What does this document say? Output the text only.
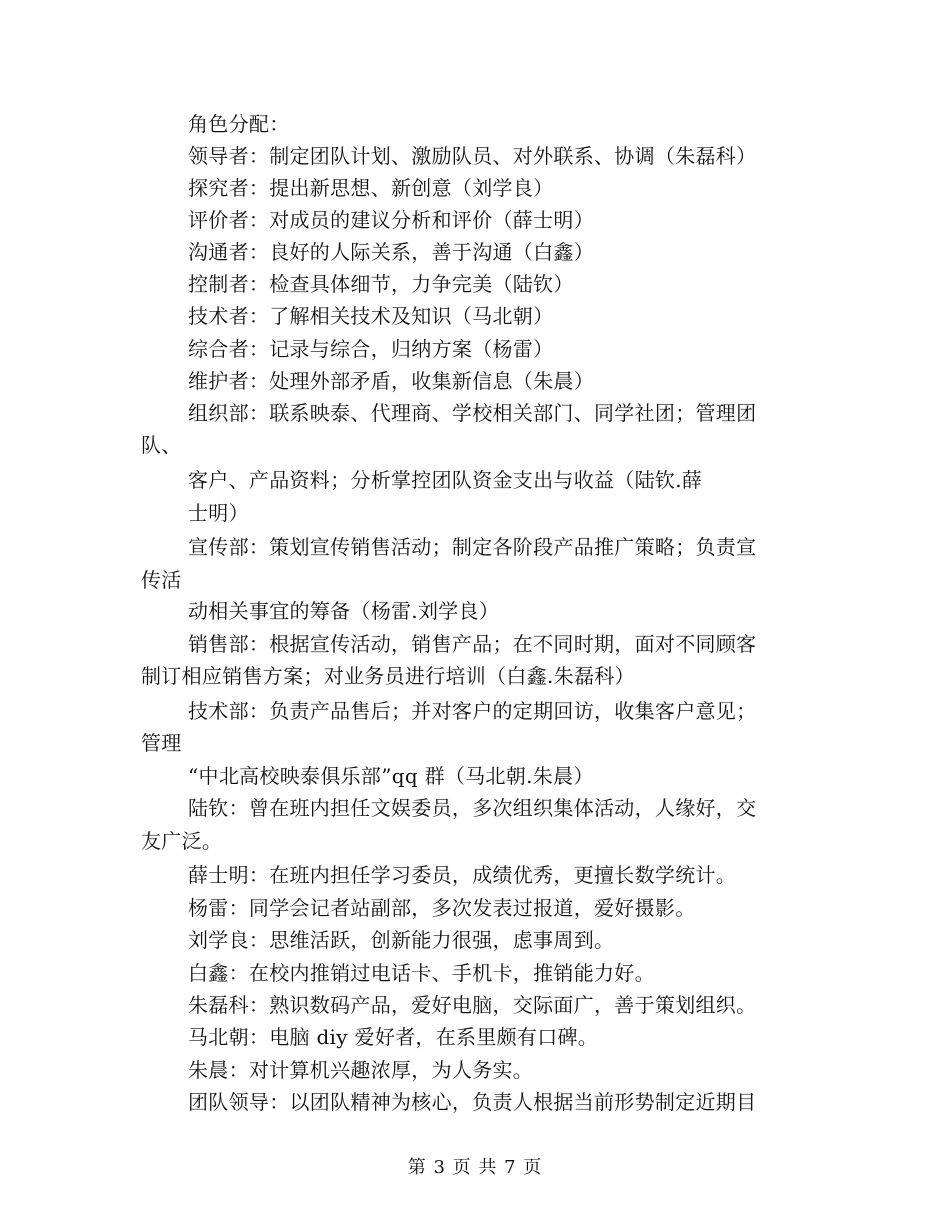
角色分配：
领导者：制定团队计划、激励队员、对外联系、协调（朱磊科）
探究者：提出新思想、新创意（刘学良）
评价者：对成员的建议分析和评价（薛士明）
沟通者：良好的人际关系，善于沟通（白鑫）
控制者：检查具体细节，力争完美（陆钦）
技术者：了解相关技术及知识（马北朝）
综合者：记录与综合，归纳方案（杨雷）
维护者：处理外部矛盾，收集新信息（朱晨）
组织部：联系映泰、代理商、学校相关部门、同学社团；管理团
队、
客户、产品资料；分析掌控团队资金支出与收益（陆钦.薛
士明）
宣传部：策划宣传销售活动；制定各阶段产品推广策略；负责宣
传活
动相关事宜的筹备（杨雷.刘学良）
销售部：根据宣传活动，销售产品；在不同时期，面对不同顾客
制订相应销售方案；对业务员进行培训（白鑫.朱磊科）
技术部：负责产品售后；并对客户的定期回访，收集客户意见；
管理
“中北高校映泰俱乐部”qq 群（马北朝.朱晨）
陆钦：曾在班内担任文娱委员，多次组织集体活动，人缘好，交
友广泛。
薛士明：在班内担任学习委员，成绩优秀，更擅长数学统计。
杨雷：同学会记者站副部，多次发表过报道，爱好摄影。
刘学良：思维活跃，创新能力很强，虑事周到。
白鑫：在校内推销过电话卡、手机卡，推销能力好。
朱磊科：熟识数码产品，爱好电脑，交际面广，善于策划组织。
马北朝：电脑 diy 爱好者，在系里颇有口碑。
朱晨：对计算机兴趣浓厚，为人务实。
团队领导：以团队精神为核心，负责人根据当前形势制定近期目
第 3 页 共 7 页
